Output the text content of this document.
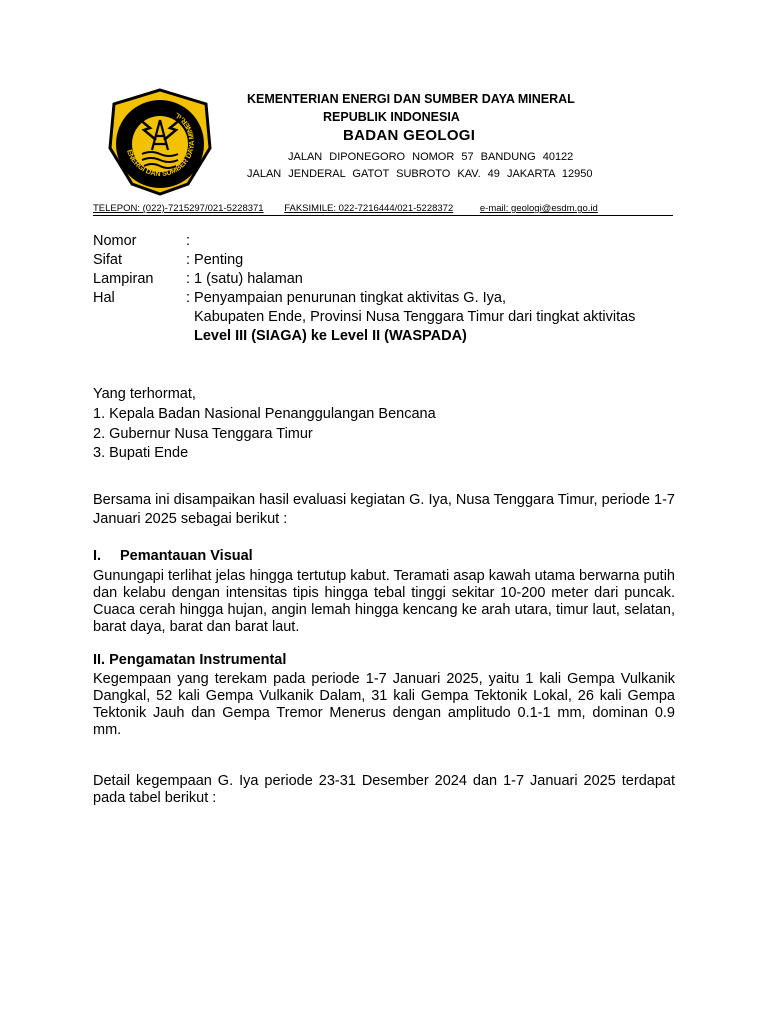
ENERGI DAN SUMBER DAYA MINERAL
KEMENTERIAN ENERGI DAN SUMBER DAYA MINERAL
REPUBLIK INDONESIA
BADAN GEOLOGI
JALAN DIPONEGORO NOMOR 57 BANDUNG 40122
JALAN JENDERAL GATOT SUBROTO KAV. 49 JAKARTA 12950
TELEPON: (022)-7215297/021-5228371 FAKSIMILE: 022-7216444/021-5228372	e-mail: geologi@esdm.go.id
Nomor	:
Sifat	: Penting
Lampiran : 1 (satu) halaman
Hal	: Penyampaian penurunan tingkat aktivitas G. Iya,
Kabupaten Ende, Provinsi Nusa Tenggara Timur dari tingkat aktivitas
Level III (SIAGA) ke Level II (WASPADA)
Yang terhormat,
1. Kepala Badan Nasional Penanggulangan Bencana
2. Gubernur Nusa Tenggara Timur
3. Bupati Ende
Bersama ini disampaikan hasil evaluasi kegiatan G. Iya, Nusa Tenggara Timur, periode 1-7 Januari 2025 sebagai berikut :
I. Pemantauan Visual
Gunungapi terlihat jelas hingga tertutup kabut. Teramati asap kawah utama berwarna putih dan kelabu dengan intensitas tipis hingga tebal tinggi sekitar 10-200 meter dari puncak. Cuaca cerah hingga hujan, angin lemah hingga kencang ke arah utara, timur laut, selatan, barat daya, barat dan barat laut.
II. Pengamatan Instrumental
Kegempaan yang terekam pada periode 1-7 Januari 2025, yaitu 1 kali Gempa Vulkanik Dangkal, 52 kali Gempa Vulkanik Dalam, 31 kali Gempa Tektonik Lokal, 26 kali Gempa Tektonik Jauh dan Gempa Tremor Menerus dengan amplitudo 0.1-1 mm, dominan 0.9 mm.
Detail kegempaan G. Iya periode 23-31 Desember 2024 dan 1-7 Januari 2025 terdapat pada tabel berikut :
